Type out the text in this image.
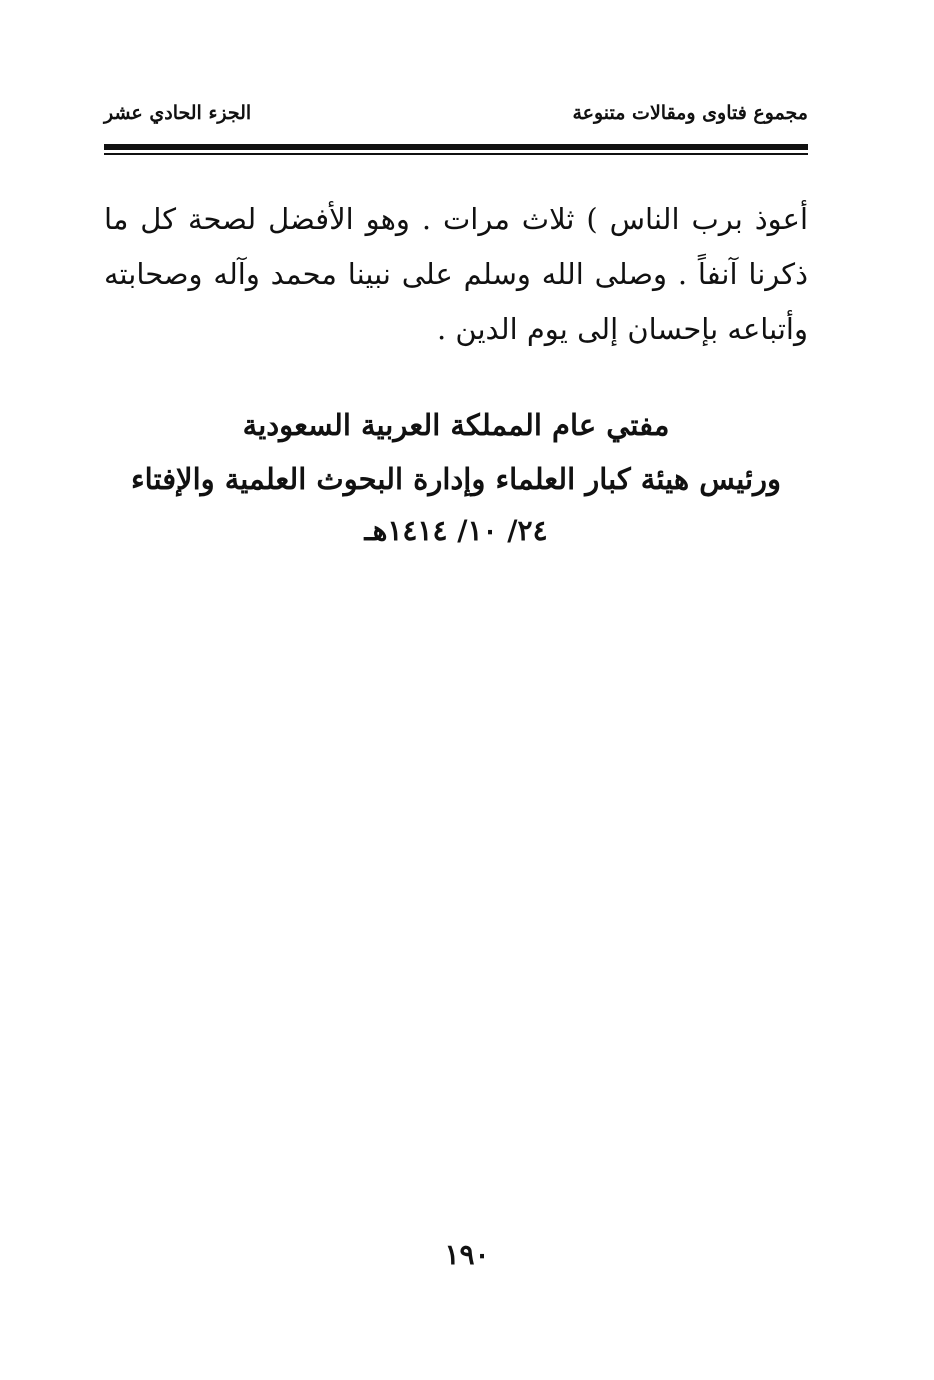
مجموع فتاوى ومقالات متنوعة
الجزء الحادي عشر
أعوذ برب الناس ) ثلاث مرات . وهو الأفضل لصحة كل ما
ذكرنا آنفاً . وصلى الله وسلم على نبينا محمد وآله وصحابته
وأتباعه بإحسان إلى يوم الدين .
مفتي عام المملكة العربية السعودية
ورئيس هيئة كبار العلماء وإدارة البحوث العلمية والإفتاء
٢٤/ ١٠/ ١٤١٤هـ
١٩٠
